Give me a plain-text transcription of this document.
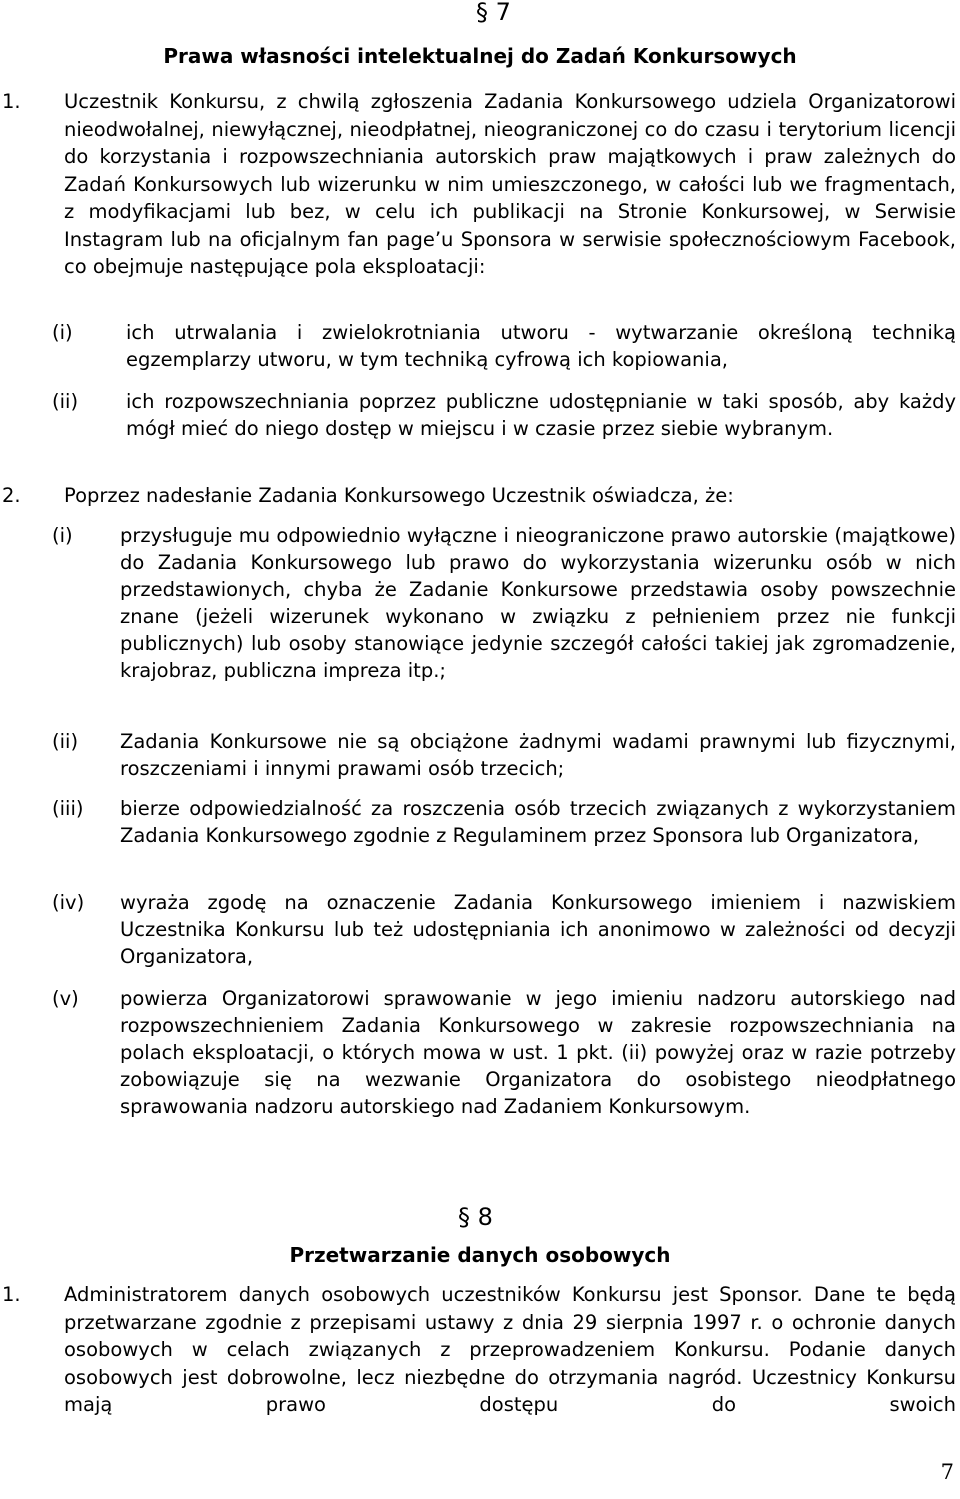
§ 7
Prawa własności intelektualnej do Zadań Konkursowych
1. Uczestnik Konkursu, z chwilą zgłoszenia Zadania Konkursowego udziela Organizatorowi nieodwołalnej, niewyłącznej, nieodpłatnej, nieograniczonej co do czasu i terytorium licencji do korzystania i rozpowszechniania autorskich praw majątkowych i praw zależnych do Zadań Konkursowych lub wizerunku w nim umieszczonego, w całości lub we fragmentach, z modyfikacjami lub bez, w celu ich publikacji na Stronie Konkursowej, w Serwisie Instagram lub na oficjalnym fan page’u Sponsora w serwisie społecznościowym Facebook, co obejmuje następujące pola eksploatacji:

(i)	ich utrwalania i zwielokrotniania utworu - wytwarzanie określoną techniką egzemplarzy utworu, w tym techniką cyfrową ich kopiowania,

(ii) ich rozpowszechniania poprzez publiczne udostępnianie w taki sposób, aby każdy mógł mieć do niego dostęp w miejscu i w czasie przez siebie wybranym.

2. Poprzez nadesłanie Zadania Konkursowego Uczestnik oświadcza, że:

(i) przysługuje mu odpowiednio wyłączne i nieograniczone prawo autorskie (majątkowe) do Zadania Konkursowego lub prawo do wykorzystania wizerunku osób w nich przedstawionych, chyba że Zadanie Konkursowe przedstawia osoby powszechnie znane (jeżeli wizerunek wykonano w związku z pełnieniem przez nie funkcji publicznych) lub osoby stanowiące jedynie szczegół całości takiej jak zgromadzenie, krajobraz, publiczna impreza itp.;

(ii) Zadania Konkursowe nie są obciążone żadnymi wadami prawnymi lub fizycznymi, roszczeniami i innymi prawami osób trzecich;

(iii) bierze odpowiedzialność za roszczenia osób trzecich związanych z wykorzystaniem Zadania Konkursowego zgodnie z Regulaminem przez Sponsora lub Organizatora,

(iv) wyraża zgodę na oznaczenie Zadania Konkursowego imieniem i nazwiskiem Uczestnika Konkursu lub też udostępniania ich anonimowo w zależności od decyzji Organizatora,

(v) powierza Organizatorowi sprawowanie w jego imieniu nadzoru autorskiego nad rozpowszechnieniem Zadania Konkursowego w zakresie rozpowszechniania na polach eksploatacji, o których mowa w ust. 1 pkt. (ii) powyżej oraz w razie potrzeby zobowiązuje się na wezwanie Organizatora do osobistego nieodpłatnego sprawowania nadzoru autorskiego nad Zadaniem Konkursowym.

§ 8
Przetwarzanie danych osobowych
1. Administratorem danych osobowych uczestników Konkursu jest Sponsor. Dane te będą przetwarzane zgodnie z przepisami ustawy z dnia 29 sierpnia 1997 r. o ochronie danych osobowych w celach związanych z przeprowadzeniem Konkursu. Podanie danych osobowych jest dobrowolne, lecz niezbędne do otrzymania nagród. Uczestnicy Konkursu mają prawo dostępu do swoich

7
